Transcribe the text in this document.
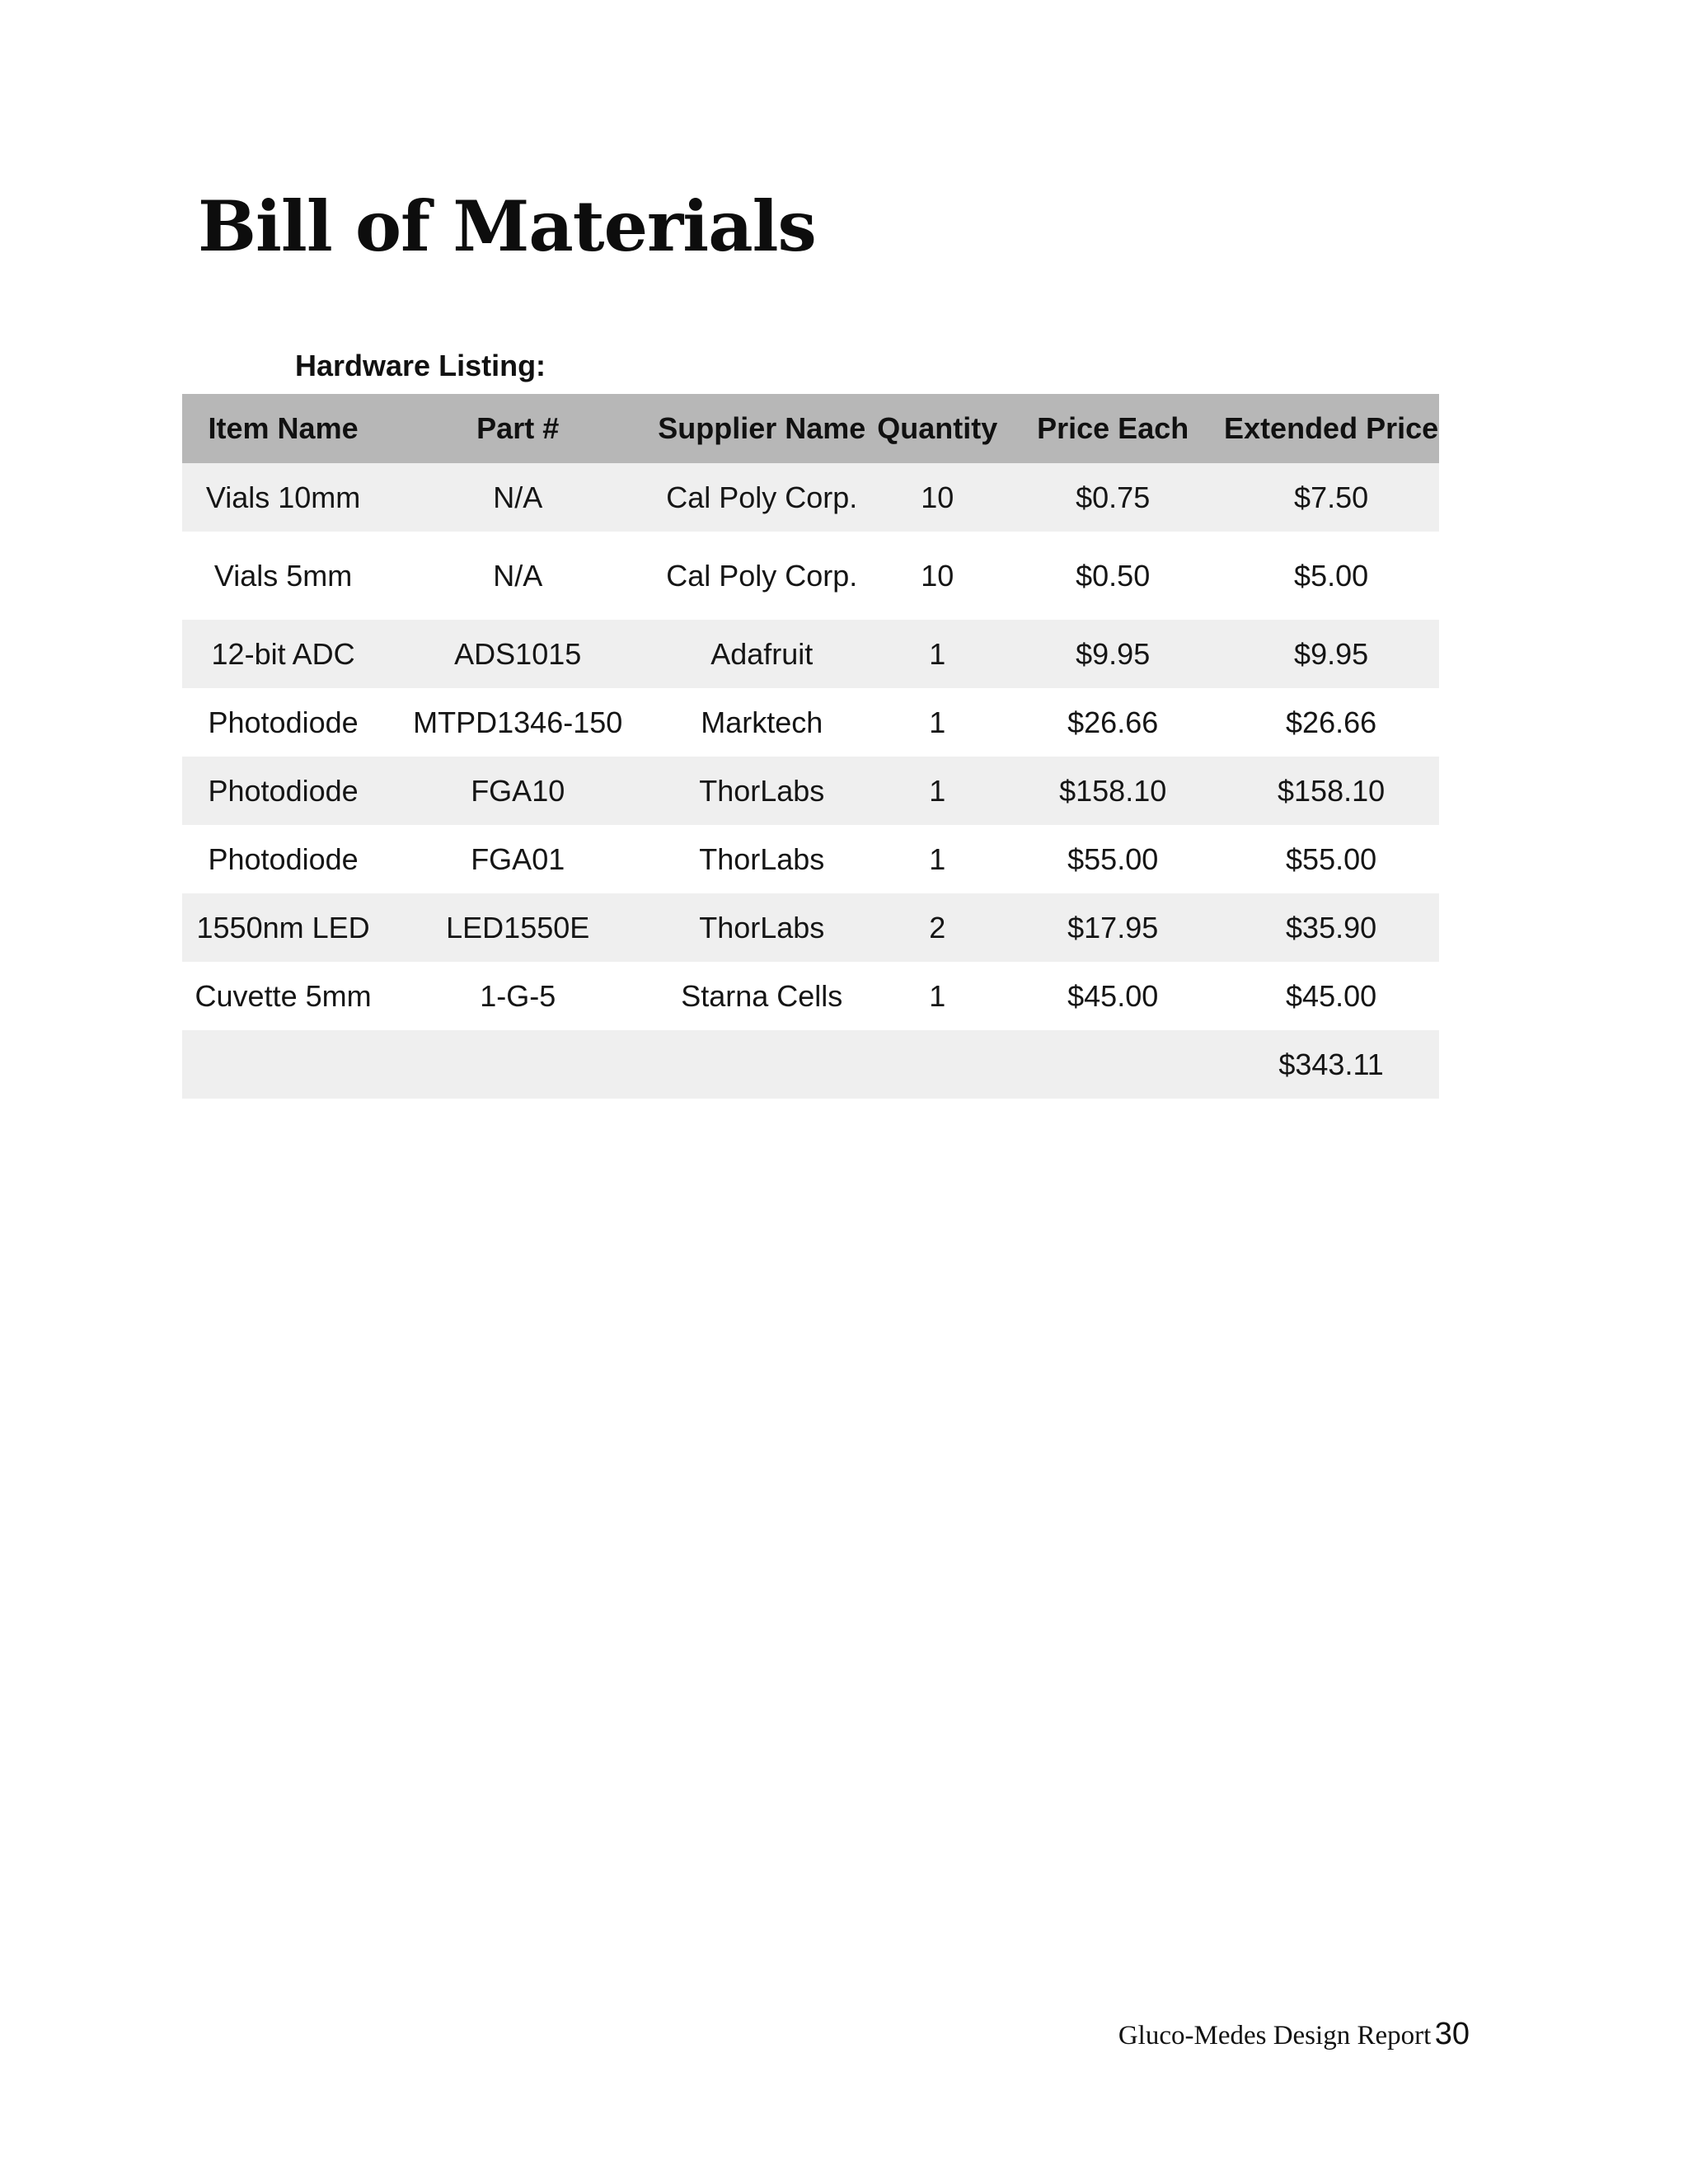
Bill of Materials
Hardware Listing:
Item Name	Part #	Supplier Name	Quantity	Price Each	Extended Price
Vials 10mm	N/A	Cal Poly Corp.	10	$0.75	$7.50
Vials 5mm	N/A	Cal Poly Corp.	10	$0.50	$5.00
12-bit ADC	ADS1015	Adafruit	1	$9.95	$9.95
Photodiode	MTPD1346-150	Marktech	1	$26.66	$26.66
Photodiode	FGA10	ThorLabs	1	$158.10	$158.10
Photodiode	FGA01	ThorLabs	1	$55.00	$55.00
1550nm LED	LED1550E	ThorLabs	2	$17.95	$35.90
Cuvette 5mm	1-G-5	Starna Cells	1	$45.00	$45.00
					$343.11
Gluco-Medes Design Report 30
